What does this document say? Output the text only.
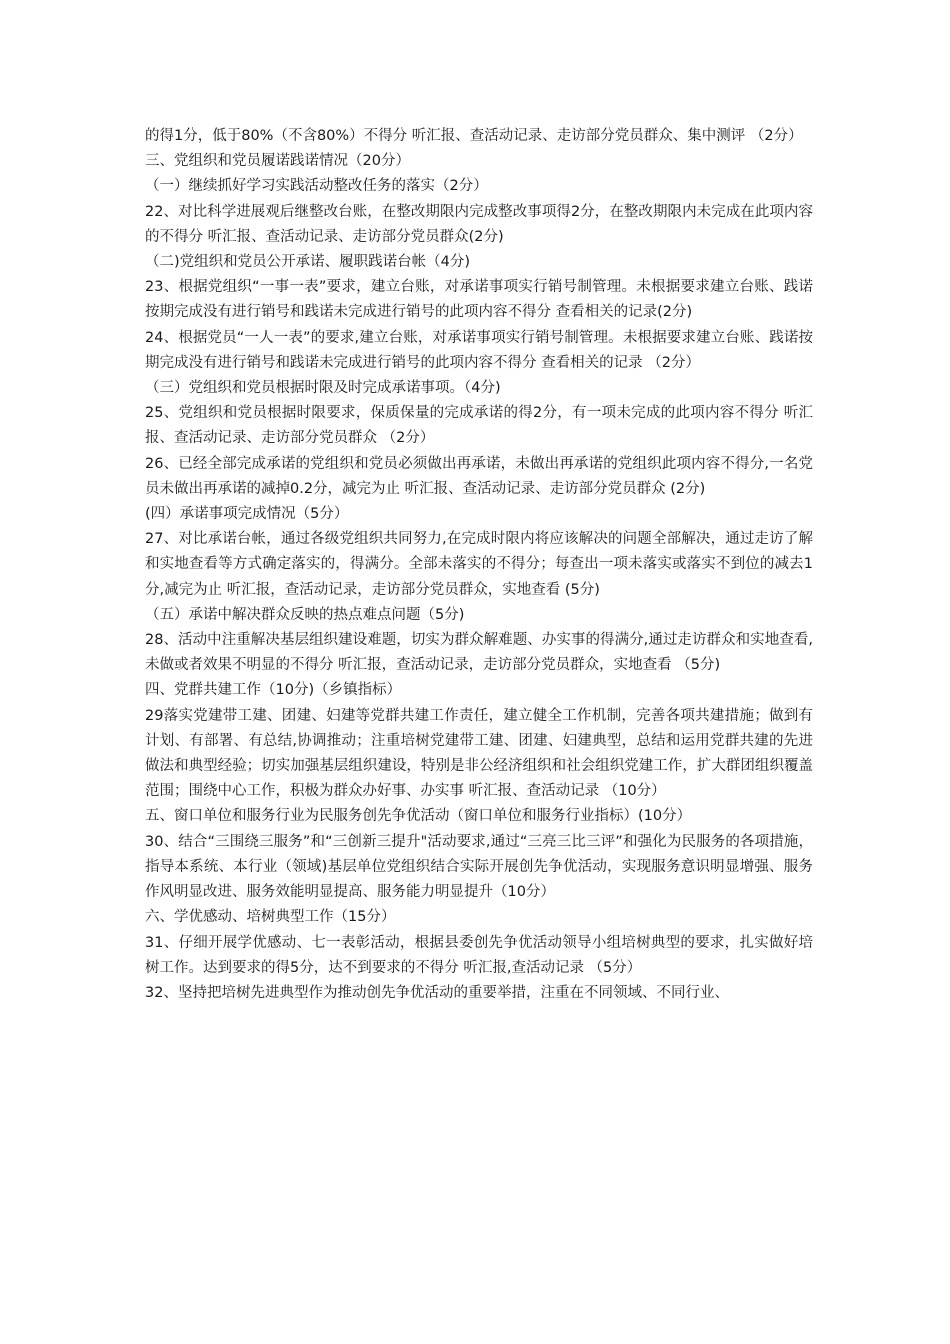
的得1分，低于80%（不含80%）不得分 听汇报、查活动记录、走访部分党员群众、集中测评 （2分）

三、党组织和党员履诺践诺情况（20分）

（一）继续抓好学习实践活动整改任务的落实（2分）

22、对比科学进展观后继整改台账，在整改期限内完成整改事项得2分，在整改期限内未完成在此项内容的不得分 听汇报、查活动记录、走访部分党员群众(2分)

（二)党组织和党员公开承诺、履职践诺台帐（4分)

23、根据党组织“一事一表”要求，建立台账，对承诺事项实行销号制管理。未根据要求建立台账、践诺按期完成没有进行销号和践诺未完成进行销号的此项内容不得分 查看相关的记录(2分)

24、根据党员“一人一表”的要求,建立台账，对承诺事项实行销号制管理。未根据要求建立台账、践诺按期完成没有进行销号和践诺未完成进行销号的此项内容不得分 查看相关的记录 （2分）

（三）党组织和党员根据时限及时完成承诺事项。（4分)

25、党组织和党员根据时限要求，保质保量的完成承诺的得2分，有一项未完成的此项内容不得分 听汇报、查活动记录、走访部分党员群众 （2分）

26、已经全部完成承诺的党组织和党员必须做出再承诺，未做出再承诺的党组织此项内容不得分,一名党员未做出再承诺的减掉0.2分，减完为止 听汇报、查活动记录、走访部分党员群众 (2分)

(四）承诺事项完成情况（5分）

27、对比承诺台帐，通过各级党组织共同努力,在完成时限内将应该解决的问题全部解决，通过走访了解和实地查看等方式确定落实的，得满分。全部未落实的不得分；每查出一项未落实或落实不到位的减去1分,减完为止 听汇报，查活动记录，走访部分党员群众，实地查看 (5分)

（五）承诺中解决群众反映的热点难点问题（5分)

28、活动中注重解决基层组织建设难题，切实为群众解难题、办实事的得满分,通过走访群众和实地查看,未做或者效果不明显的不得分 听汇报，查活动记录，走访部分党员群众，实地查看 （5分)

四、党群共建工作（10分)（乡镇指标）

29落实党建带工建、团建、妇建等党群共建工作责任，建立健全工作机制，完善各项共建措施；做到有计划、有部署、有总结,协调推动；注重培树党建带工建、团建、妇建典型，总结和运用党群共建的先进做法和典型经验；切实加强基层组织建设，特别是非公经济组织和社会组织党建工作，扩大群团组织覆盖范围；围绕中心工作，积极为群众办好事、办实事 听汇报、查活动记录 （10分）

五、窗口单位和服务行业为民服务创先争优活动（窗口单位和服务行业指标）(10分）

30、结合“三围绕三服务”和“三创新三提升"活动要求,通过“三亮三比三评”和强化为民服务的各项措施，指导本系统、本行业（领域)基层单位党组织结合实际开展创先争优活动，实现服务意识明显增强、服务作风明显改进、服务效能明显提高、服务能力明显提升（10分）

六、学优感动、培树典型工作（15分）

31、仔细开展学优感动、七一表彰活动，根据县委创先争优活动领导小组培树典型的要求，扎实做好培树工作。达到要求的得5分，达不到要求的不得分 听汇报,查活动记录 （5分）

32、坚持把培树先进典型作为推动创先争优活动的重要举措，注重在不同领域、不同行业、
